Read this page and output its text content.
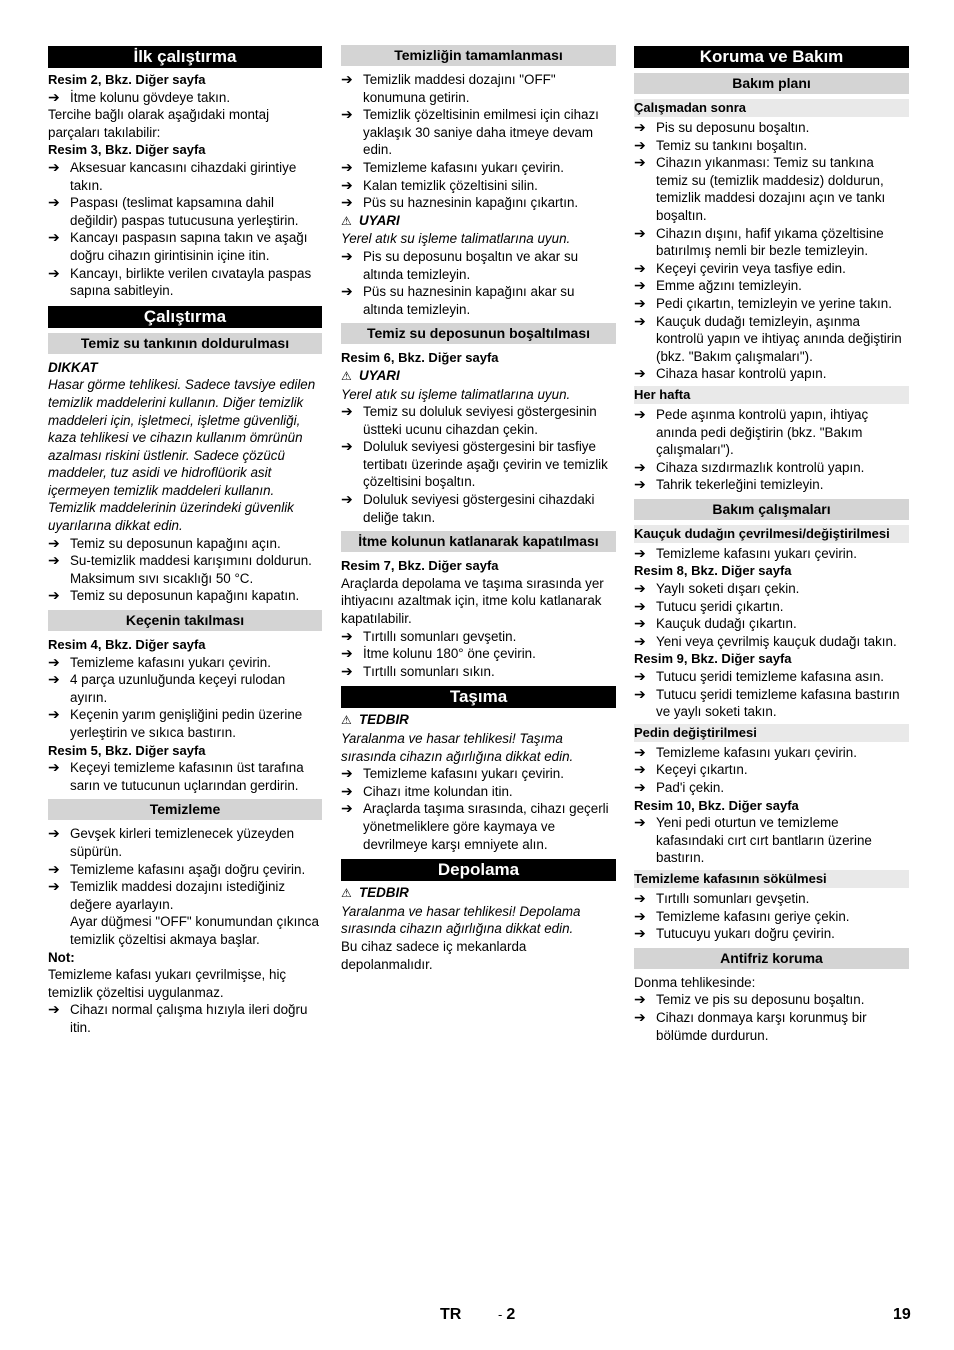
İlk çalıştırma
Resim 2, Bkz. Diğer sayfa
➔ İtme kolunu gövdeye takın.
Tercihe bağlı olarak aşağıdaki montaj parçaları takılabilir:
Resim 3, Bkz. Diğer sayfa
➔ Aksesuar kancasını cihazdaki girintiye takın.
➔ Paspası (teslimat kapsamına dahil değildir) paspas tutucusuna yerleştirin.
➔ Kancayı paspasın sapına takın ve aşağı doğru cihazın girintisinin içine itin.
➔ Kancayı, birlikte verilen cıvatayla paspas sapına sabitleyin.
Çalıştırma
Temiz su tankının doldurulması
DIKKAT
Hasar görme tehlikesi. Sadece tavsiye edilen temizlik maddelerini kullanın. Diğer temizlik maddeleri için, işletmeci, işletme güvenliği, kaza tehlikesi ve cihazın kullanım ömrünün azalması riskini üstlenir. Sadece çözücü maddeler, tuz asidi ve hidroflüorik asit içermeyen temizlik maddeleri kullanın. Temizlik maddelerinin üzerindeki güvenlik uyarılarına dikkat edin.
➔ Temiz su deposunun kapağını açın.
➔ Su-temizlik maddesi karışımını doldurun. Maksimum sıvı sıcaklığı 50 °C.
➔ Temiz su deposunun kapağını kapatın.
Keçenin takılması
Resim 4, Bkz. Diğer sayfa
➔ Temizleme kafasını yukarı çevirin.
➔ 4 parça uzunluğunda keçeyi rulodan ayırın.
➔ Keçenin yarım genişliğini pedin üzerine yerleştirin ve sıkıca bastırın.
Resim 5, Bkz. Diğer sayfa
➔ Keçeyi temizleme kafasının üst tarafına sarın ve tutucunun uçlarından gerdirin.
Temizleme
➔ Gevşek kirleri temizlenecek yüzeyden süpürün.
➔ Temizleme kafasını aşağı doğru çevirin.
➔ Temizlik maddesi dozajını istediğiniz değere ayarlayın.
Ayar düğmesi "OFF" konumundan çıkınca temizlik çözeltisi akmaya başlar.
Not:
Temizleme kafası yukarı çevrilmişse, hiç temizlik çözeltisi uygulanmaz.
➔ Cihazı normal çalışma hızıyla ileri doğru itin.
Temizliğin tamamlanması
➔ Temizlik maddesi dozajını "OFF" konumuna getirin.
➔ Temizlik çözeltisinin emilmesi için cihazı yaklaşık 30 saniye daha itmeye devam edin.
➔ Temizleme kafasını yukarı çevirin.
➔ Kalan temizlik çözeltisini silin.
➔ Püs su haznesinin kapağını çıkartın.
⚠ UYARI
Yerel atık su işleme talimatlarına uyun.
➔ Pis su deposunu boşaltın ve akar su altında temizleyin.
➔ Püs su haznesinin kapağını akar su altında temizleyin.
Temiz su deposunun boşaltılması
Resim 6, Bkz. Diğer sayfa
⚠ UYARI
Yerel atık su işleme talimatlarına uyun.
➔ Temiz su doluluk seviyesi göstergesinin üstteki ucunu cihazdan çekin.
➔ Doluluk seviyesi göstergesini bir tasfiye tertibatı üzerinde aşağı çevirin ve temizlik çözeltisini boşaltın.
➔ Doluluk seviyesi göstergesini cihazdaki deliğe takın.
İtme kolunun katlanarak kapatılması
Resim 7, Bkz. Diğer sayfa
Araçlarda depolama ve taşıma sırasında yer ihtiyacını azaltmak için, itme kolu katlanarak kapatılabilir.
➔ Tırtıllı somunları gevşetin.
➔ İtme kolunu 180° öne çevirin.
➔ Tırtıllı somunları sıkın.
Taşıma
⚠ TEDBIR
Yaralanma ve hasar tehlikesi! Taşıma sırasında cihazın ağırlığına dikkat edin.
➔ Temizleme kafasını yukarı çevirin.
➔ Cihazı itme kolundan itin.
➔ Araçlarda taşıma sırasında, cihazı geçerli yönetmeliklere göre kaymaya ve devrilmeye karşı emniyete alın.
Depolama
⚠ TEDBIR
Yaralanma ve hasar tehlikesi! Depolama sırasında cihazın ağırlığına dikkat edin.
Bu cihaz sadece iç mekanlarda depolanmalıdır.
Koruma ve Bakım
Bakım planı
Çalışmadan sonra
➔ Pis su deposunu boşaltın.
➔ Temiz su tankını boşaltın.
➔ Cihazın yıkanması: Temiz su tankına temiz su (temizlik maddesiz) doldurun, temizlik maddesi dozajını açın ve tankı boşaltın.
➔ Cihazın dışını, hafif yıkama çözeltisine batırılmış nemli bir bezle temizleyin.
➔ Keçeyi çevirin veya tasfiye edin.
➔ Emme ağzını temizleyin.
➔ Pedi çıkartın, temizleyin ve yerine takın.
➔ Kauçuk dudağı temizleyin, aşınma kontrolü yapın ve ihtiyaç anında değiştirin (bkz. "Bakım çalışmaları").
➔ Cihaza hasar kontrolü yapın.
Her hafta
➔ Pede aşınma kontrolü yapın, ihtiyaç anında pedi değiştirin (bkz. "Bakım çalışmaları").
➔ Cihaza sızdırmazlık kontrolü yapın.
➔ Tahrik tekerleğini temizleyin.
Bakım çalışmaları
Kauçuk dudağın çevrilmesi/değiştirilmesi
➔ Temizleme kafasını yukarı çevirin.
Resim 8, Bkz. Diğer sayfa
➔ Yaylı soketi dışarı çekin.
➔ Tutucu şeridi çıkartın.
➔ Kauçuk dudağı çıkartın.
➔ Yeni veya çevrilmiş kauçuk dudağı takın.
Resim 9, Bkz. Diğer sayfa
➔ Tutucu şeridi temizleme kafasına asın.
➔ Tutucu şeridi temizleme kafasına bastırın ve yaylı soketi takın.
Pedin değiştirilmesi
➔ Temizleme kafasını yukarı çevirin.
➔ Keçeyi çıkartın.
➔ Pad'i çekin.
Resim 10, Bkz. Diğer sayfa
➔ Yeni pedi oturtun ve temizleme kafasındaki cırt cırt bantların üzerine bastırın.
Temizleme kafasının sökülmesi
➔ Tırtıllı somunları gevşetin.
➔ Temizleme kafasını geriye çekin.
➔ Tutucuyu yukarı doğru çevirin.
Antifriz koruma
Donma tehlikesinde:
➔ Temiz ve pis su deposunu boşaltın.
➔ Cihazı donmaya karşı korunmuş bir bölümde durdurun.
TR	- 2	19
